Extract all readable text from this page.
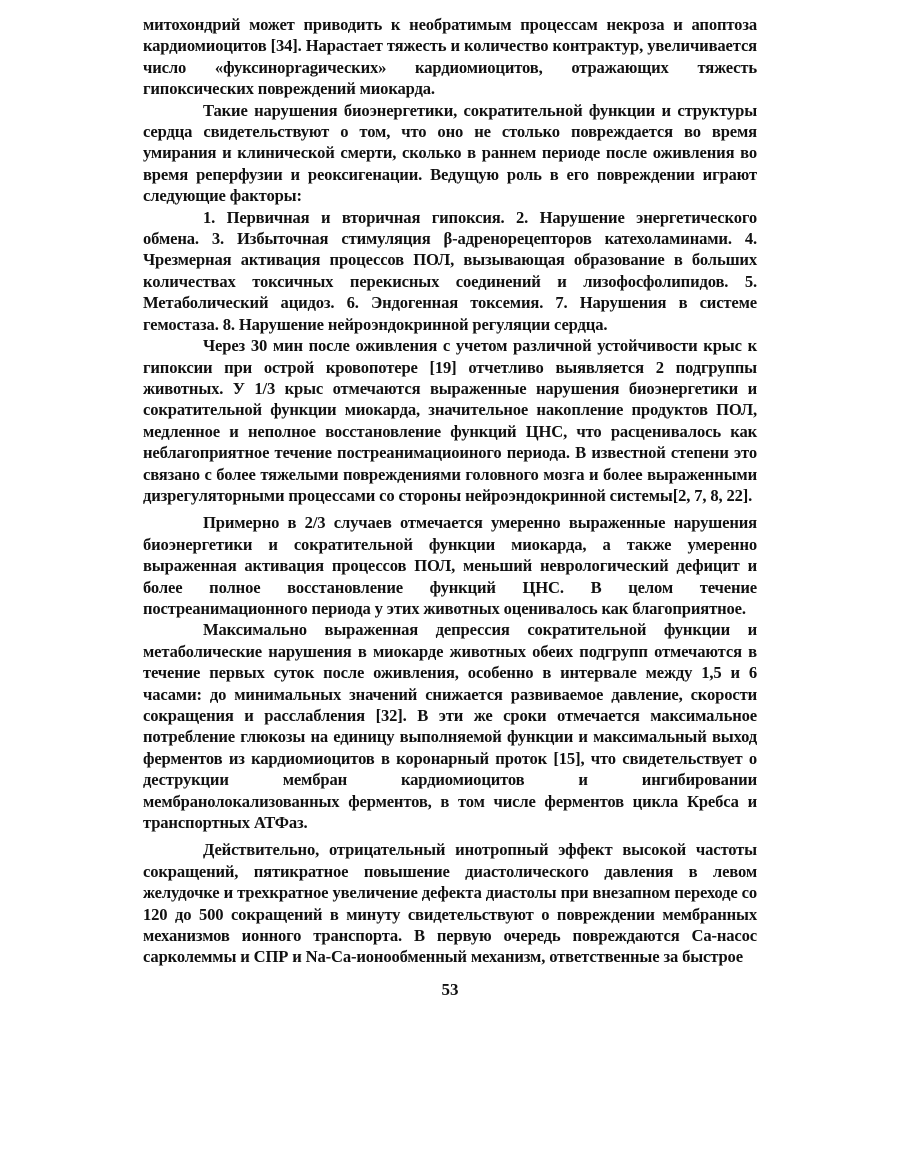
митохондрий может приводить к необратимым процессам некроза и апоптоза кардиомиоцитов [34]. Нарастает тяжесть и количество контрактур, увеличивается число «фуксинорragических» кардиомиоцитов, отражающих тяжесть гипоксических повреждений миокарда.

Такие нарушения биоэнергетики, сократительной функции и структуры сердца свидетельствуют о том, что оно не столько повреждается во время умирания и клинической смерти, сколько в раннем периоде после оживления во время реперфузии и реоксигенации. Ведущую роль в его повреждении играют следующие факторы:

1. Первичная и вторичная гипоксия. 2. Нарушение энергетического обмена. 3. Избыточная стимуляция β-адренорецепторов катехоламинами. 4. Чрезмерная активация процессов ПОЛ, вызывающая образование в больших количествах токсичных перекисных соединений и лизофосфолипидов. 5. Метаболический ацидоз. 6. Эндогенная токсемия. 7. Нарушения в системе гемостаза. 8. Нарушение нейроэндокринной регуляции сердца.

Через 30 мин после оживления с учетом различной устойчивости крыс к гипоксии при острой кровопотере [19] отчетливо выявляется 2 подгруппы животных. У 1/3 крыс отмечаются выраженные нарушения биоэнергетики и сократительной функции миокарда, значительное накопление продуктов ПОЛ, медленное и неполное восстановление функций ЦНС, что расценивалось как неблагоприятное течение постреанимациоиного периода. В известной степени это связано с более тяжелыми повреждениями головного мозга и более выраженными дизрегуляторными процессами со стороны нейроэндокринной системы[2, 7, 8, 22].

Примерно в 2/3 случаев отмечается умеренно выраженные нарушения биоэнергетики и сократительной функции миокарда, а также умеренно выраженная активация процессов ПОЛ, меньший неврологический дефицит и более полное восстановление функций ЦНС. В целом течение постреанимационного периода у этих животных оценивалось как благоприятное.

Максимально выраженная депрессия сократительной функции и метаболические нарушения в миокарде животных обеих подгрупп отмечаются в течение первых суток после оживления, особенно в интервале между 1,5 и 6 часами: до минимальных значений снижается развиваемое давление, скорости сокращения и расслабления [32]. В эти же сроки отмечается максимальное потребление глюкозы на единицу выполняемой функции и максимальный выход ферментов из кардиомиоцитов в коронарный проток [15], что свидетельствует о деструкции мембран кардиомиоцитов и ингибировании мембранолокализованных ферментов, в том числе ферментов цикла Кребса и транспортных АТФаз.

Действительно, отрицательный инотропный эффект высокой частоты сокращений, пятикратное повышение диастолического давления в левом желудочке и трехкратное увеличение дефекта диастолы при внезапном переходе со 120 до 500 сокращений в минуту свидетельствуют о повреждении мембранных механизмов ионного транспорта. В первую очередь повреждаются Са-насос сарколеммы и СПР и Na-Са-ионообменный механизм, ответственные за быстрое

53
